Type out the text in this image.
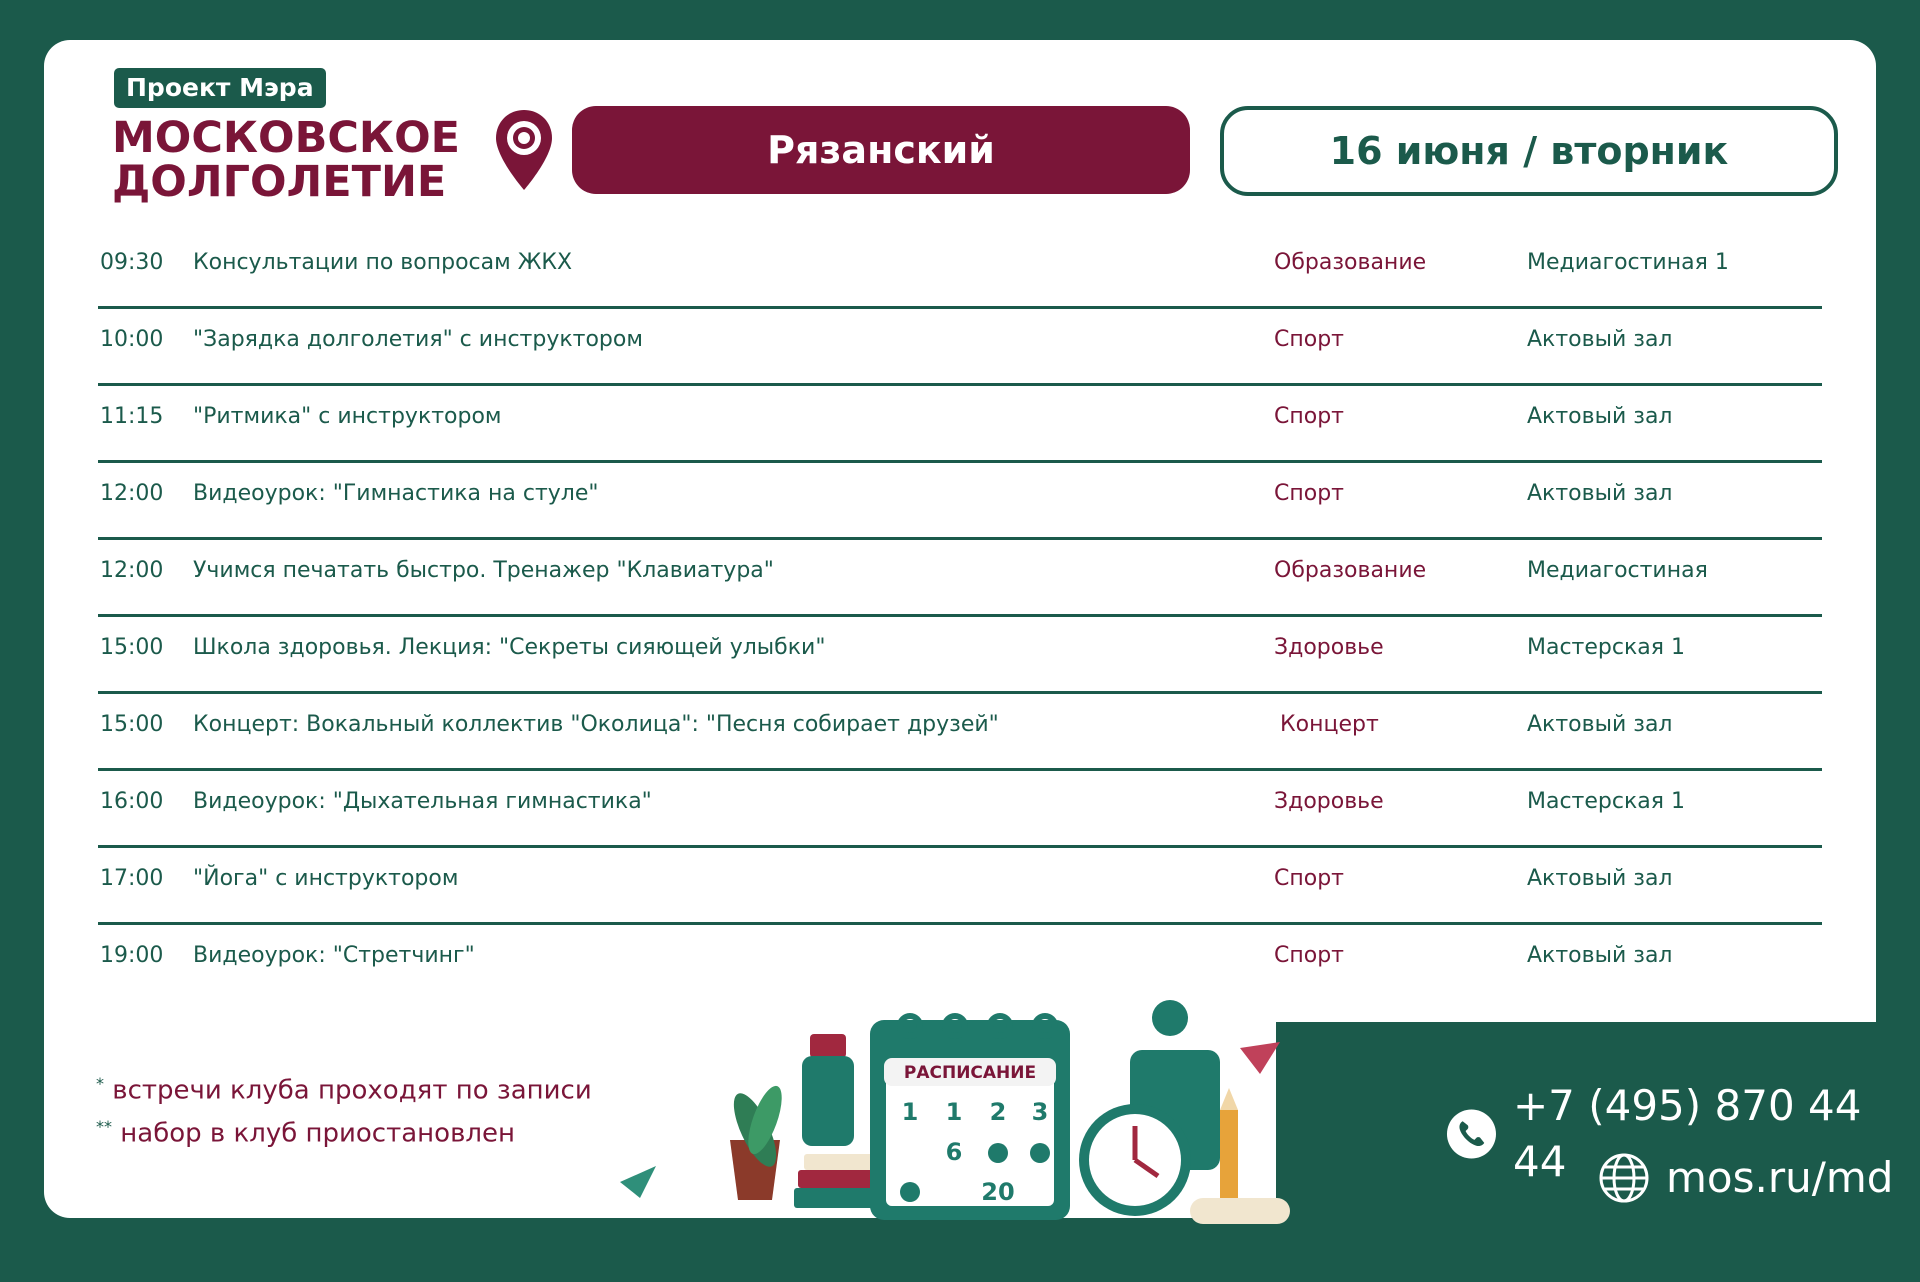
Проект Мэра
МОСКОВСКОЕ
ДОЛГОЛЕТИЕ
Рязанский	16 июня / вторник
09:30 Консультации по вопросам ЖКХ	Образование	Медиагостиная 1
10:00 "Зарядка долголетия" с инструктором	Спорт	Актовый зал
11:15 "Ритмика" с инструктором	Спорт	Актовый зал
12:00 Видеоурок: "Гимнастика на стуле"	Спорт	Актовый зал
12:00 Учимся печатать быстро. Тренажер "Клавиатура"	Образование	Медиагостиная
15:00 Школа здоровья. Лекция: "Секреты сияющей улыбки"	Здоровье	Мастерская 1
15:00 Концерт: Вокальный коллектив "Околица": "Песня собирает друзей"	Концерт	Актовый зал
16:00 Видеоурок: "Дыхательная гимнастика"	Здоровье	Мастерская 1
17:00 "Йога" с инструктором	Спорт	Актовый зал
19:00 Видеоурок: "Стретчинг"	Спорт	Актовый зал
* встречи клуба проходят по записи
** набор в клуб приостановлен
РАСПИСАНИЕ
1 1 2 3
6
20
+7 (495) 870 44 44	mos.ru/md
